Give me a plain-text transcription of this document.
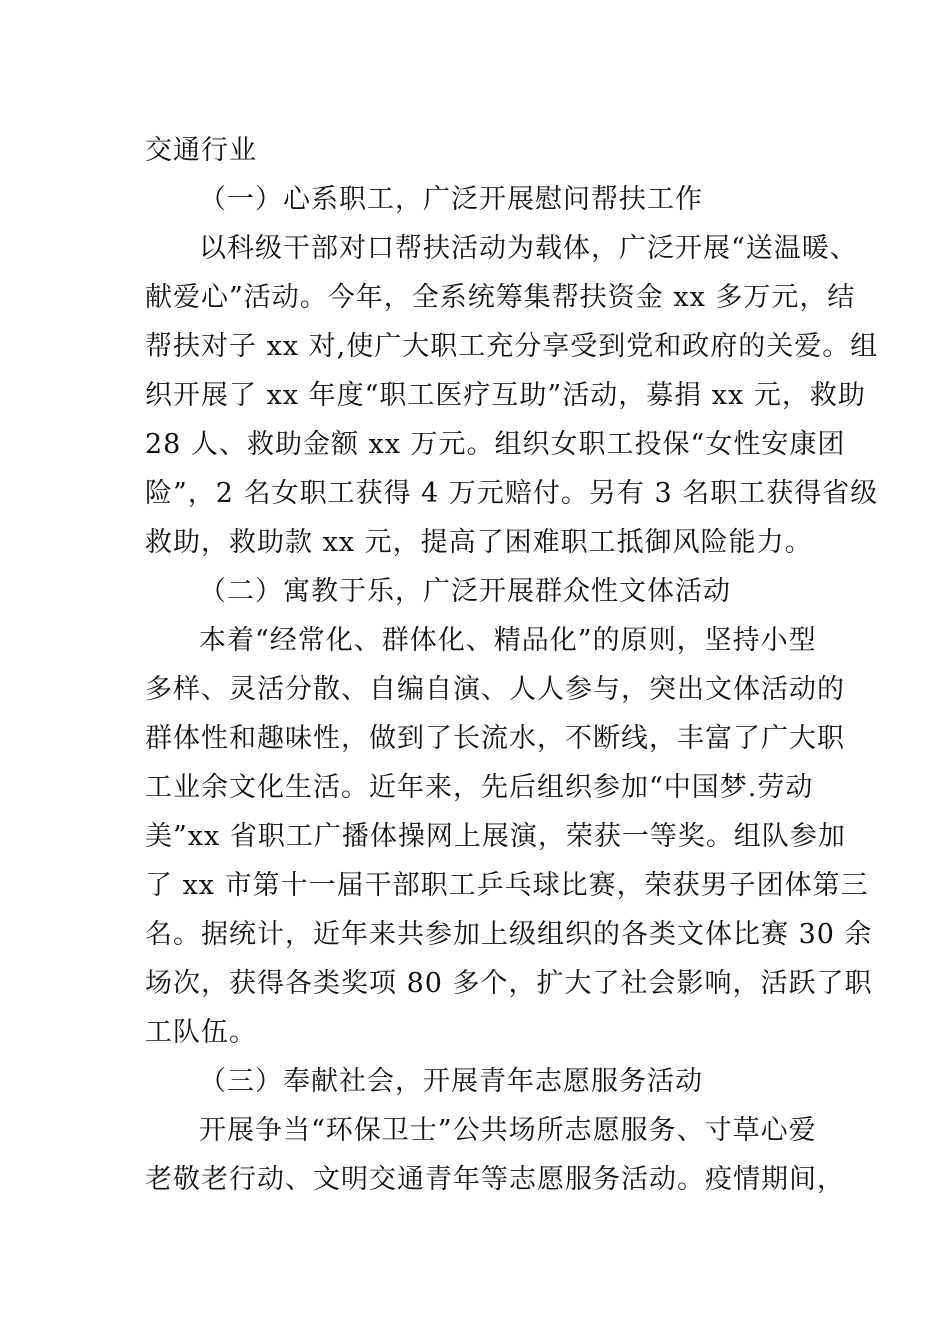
交通行业
（一）心系职工，广泛开展慰问帮扶工作
以科级干部对口帮扶活动为载体，广泛开展“送温暖、
献爱心”活动。今年，全系统筹集帮扶资金 xx 多万元，结
帮扶对子 xx 对,使广大职工充分享受到党和政府的关爱。组
织开展了 xx 年度“职工医疗互助”活动，募捐 xx 元，救助
28 人、救助金额 xx 万元。组织女职工投保“女性安康团
险”，2 名女职工获得 4 万元赔付。另有 3 名职工获得省级
救助，救助款 xx 元，提高了困难职工抵御风险能力。
（二）寓教于乐，广泛开展群众性文体活动
本着“经常化、群体化、精品化”的原则，坚持小型
多样、灵活分散、自编自演、人人参与，突出文体活动的
群体性和趣味性，做到了长流水，不断线，丰富了广大职
工业余文化生活。近年来，先后组织参加“中国梦.劳动
美”xx 省职工广播体操网上展演，荣获一等奖。组队参加
了 xx 市第十一届干部职工乒乓球比赛，荣获男子团体第三
名。据统计，近年来共参加上级组织的各类文体比赛 30 余
场次，获得各类奖项 80 多个，扩大了社会影响，活跃了职
工队伍。
（三）奉献社会，开展青年志愿服务活动
开展争当“环保卫士”公共场所志愿服务、寸草心爱
老敬老行动、文明交通青年等志愿服务活动。疫情期间，
